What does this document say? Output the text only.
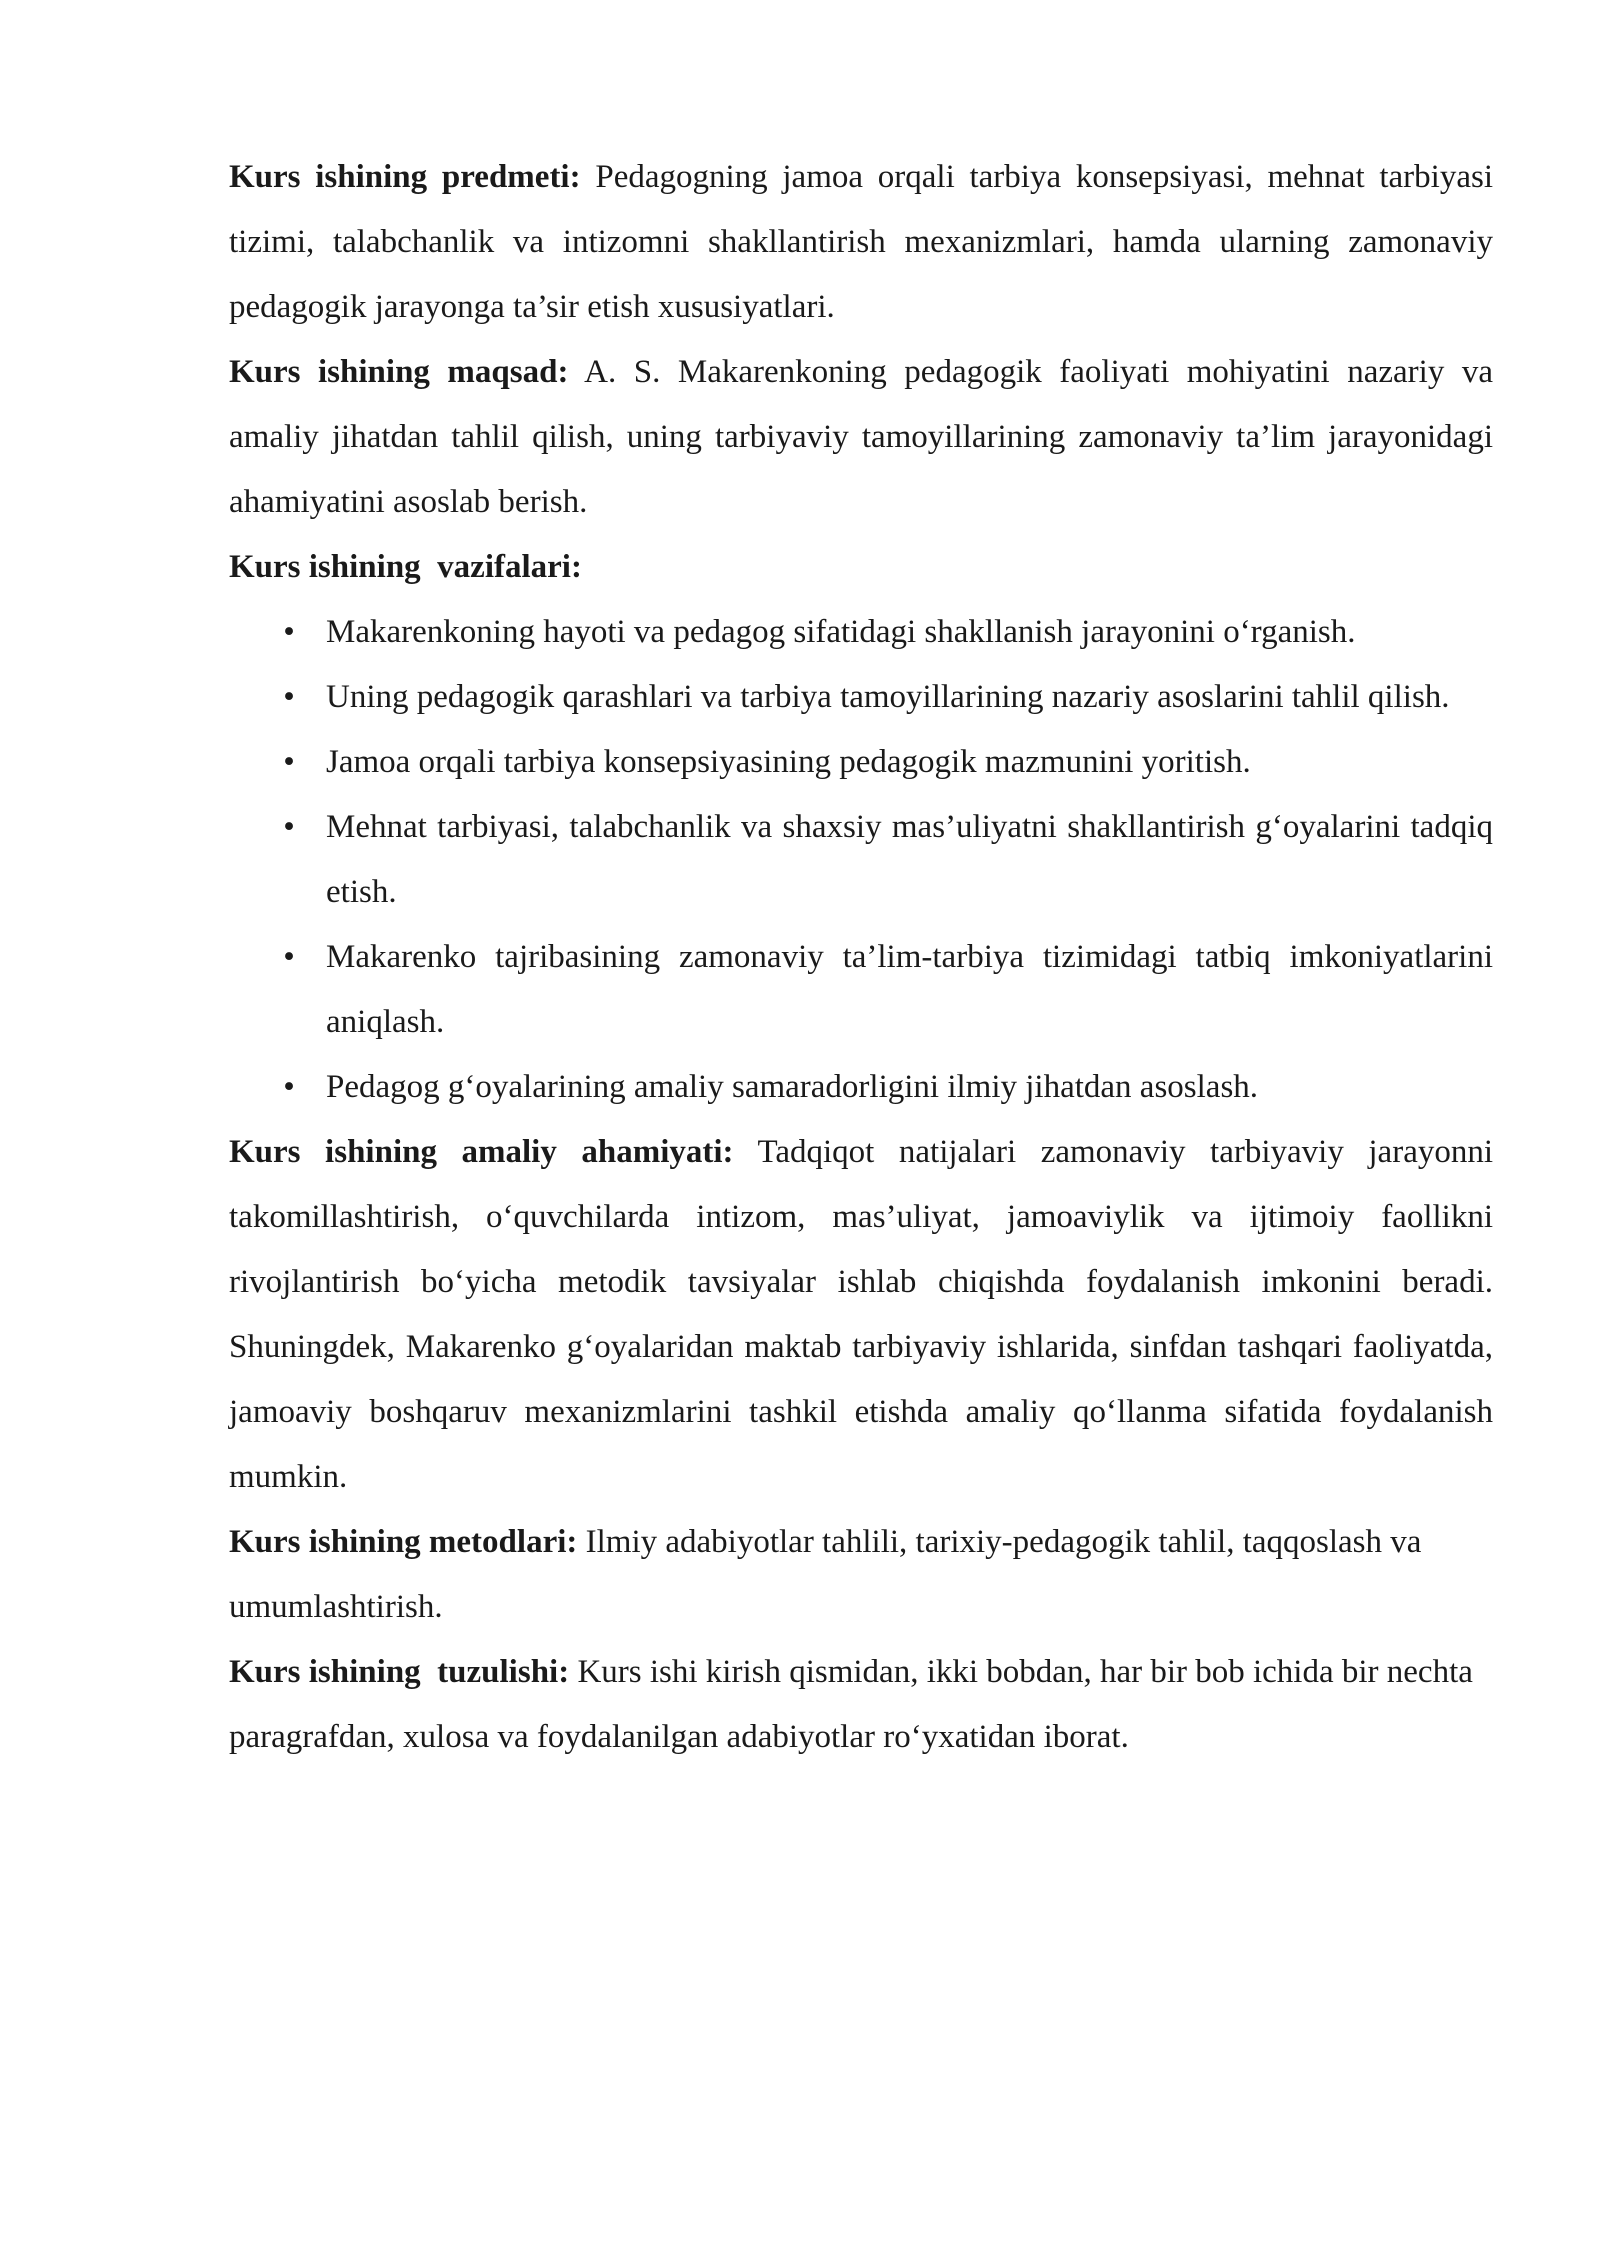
Kurs ishining predmeti: Pedagogning jamoa orqali tarbiya konsepsiyasi, mehnat tarbiyasi tizimi, talabchanlik va intizomni shakllantirish mexanizmlari, hamda ularning zamonaviy pedagogik jarayonga ta’sir etish xususiyatlari.

Kurs ishining maqsad: A. S. Makarenkoning pedagogik faoliyati mohiyatini nazariy va amaliy jihatdan tahlil qilish, uning tarbiyaviy tamoyillarining zamonaviy ta’lim jarayonidagi ahamiyatini asoslab berish.

Kurs ishining  vazifalari:

• Makarenkoning hayoti va pedagog sifatidagi shakllanish jarayonini o‘rganish.
• Uning pedagogik qarashlari va tarbiya tamoyillarining nazariy asoslarini tahlil qilish.
• Jamoa orqali tarbiya konsepsiyasining pedagogik mazmunini yoritish.
• Mehnat tarbiyasi, talabchanlik va shaxsiy mas’uliyatni shakllantirish g‘oyalarini tadqiq etish.
• Makarenko tajribasining zamonaviy ta’lim-tarbiya tizimidagi tatbiq imkoniyatlarini aniqlash.
• Pedagog g‘oyalarining amaliy samaradorligini ilmiy jihatdan asoslash.

Kurs ishining amaliy ahamiyati: Tadqiqot natijalari zamonaviy tarbiyaviy jarayonni takomillashtirish, o‘quvchilarda intizom, mas’uliyat, jamoaviylik va ijtimoiy faollikni rivojlantirish bo‘yicha metodik tavsiyalar ishlab chiqishda foydalanish imkonini beradi. Shuningdek, Makarenko g‘oyalaridan maktab tarbiyaviy ishlarida, sinfdan tashqari faoliyatda, jamoaviy boshqaruv mexanizmlarini tashkil etishda amaliy qo‘llanma sifatida foydalanish mumkin.

Kurs ishining metodlari: Ilmiy adabiyotlar tahlili, tarixiy-pedagogik tahlil, taqqoslash va umumlashtirish.

Kurs ishining  tuzulishi: Kurs ishi kirish qismidan, ikki bobdan, har bir bob ichida bir nechta paragrafdan, xulosa va foydalanilgan adabiyotlar ro‘yxatidan iborat.
